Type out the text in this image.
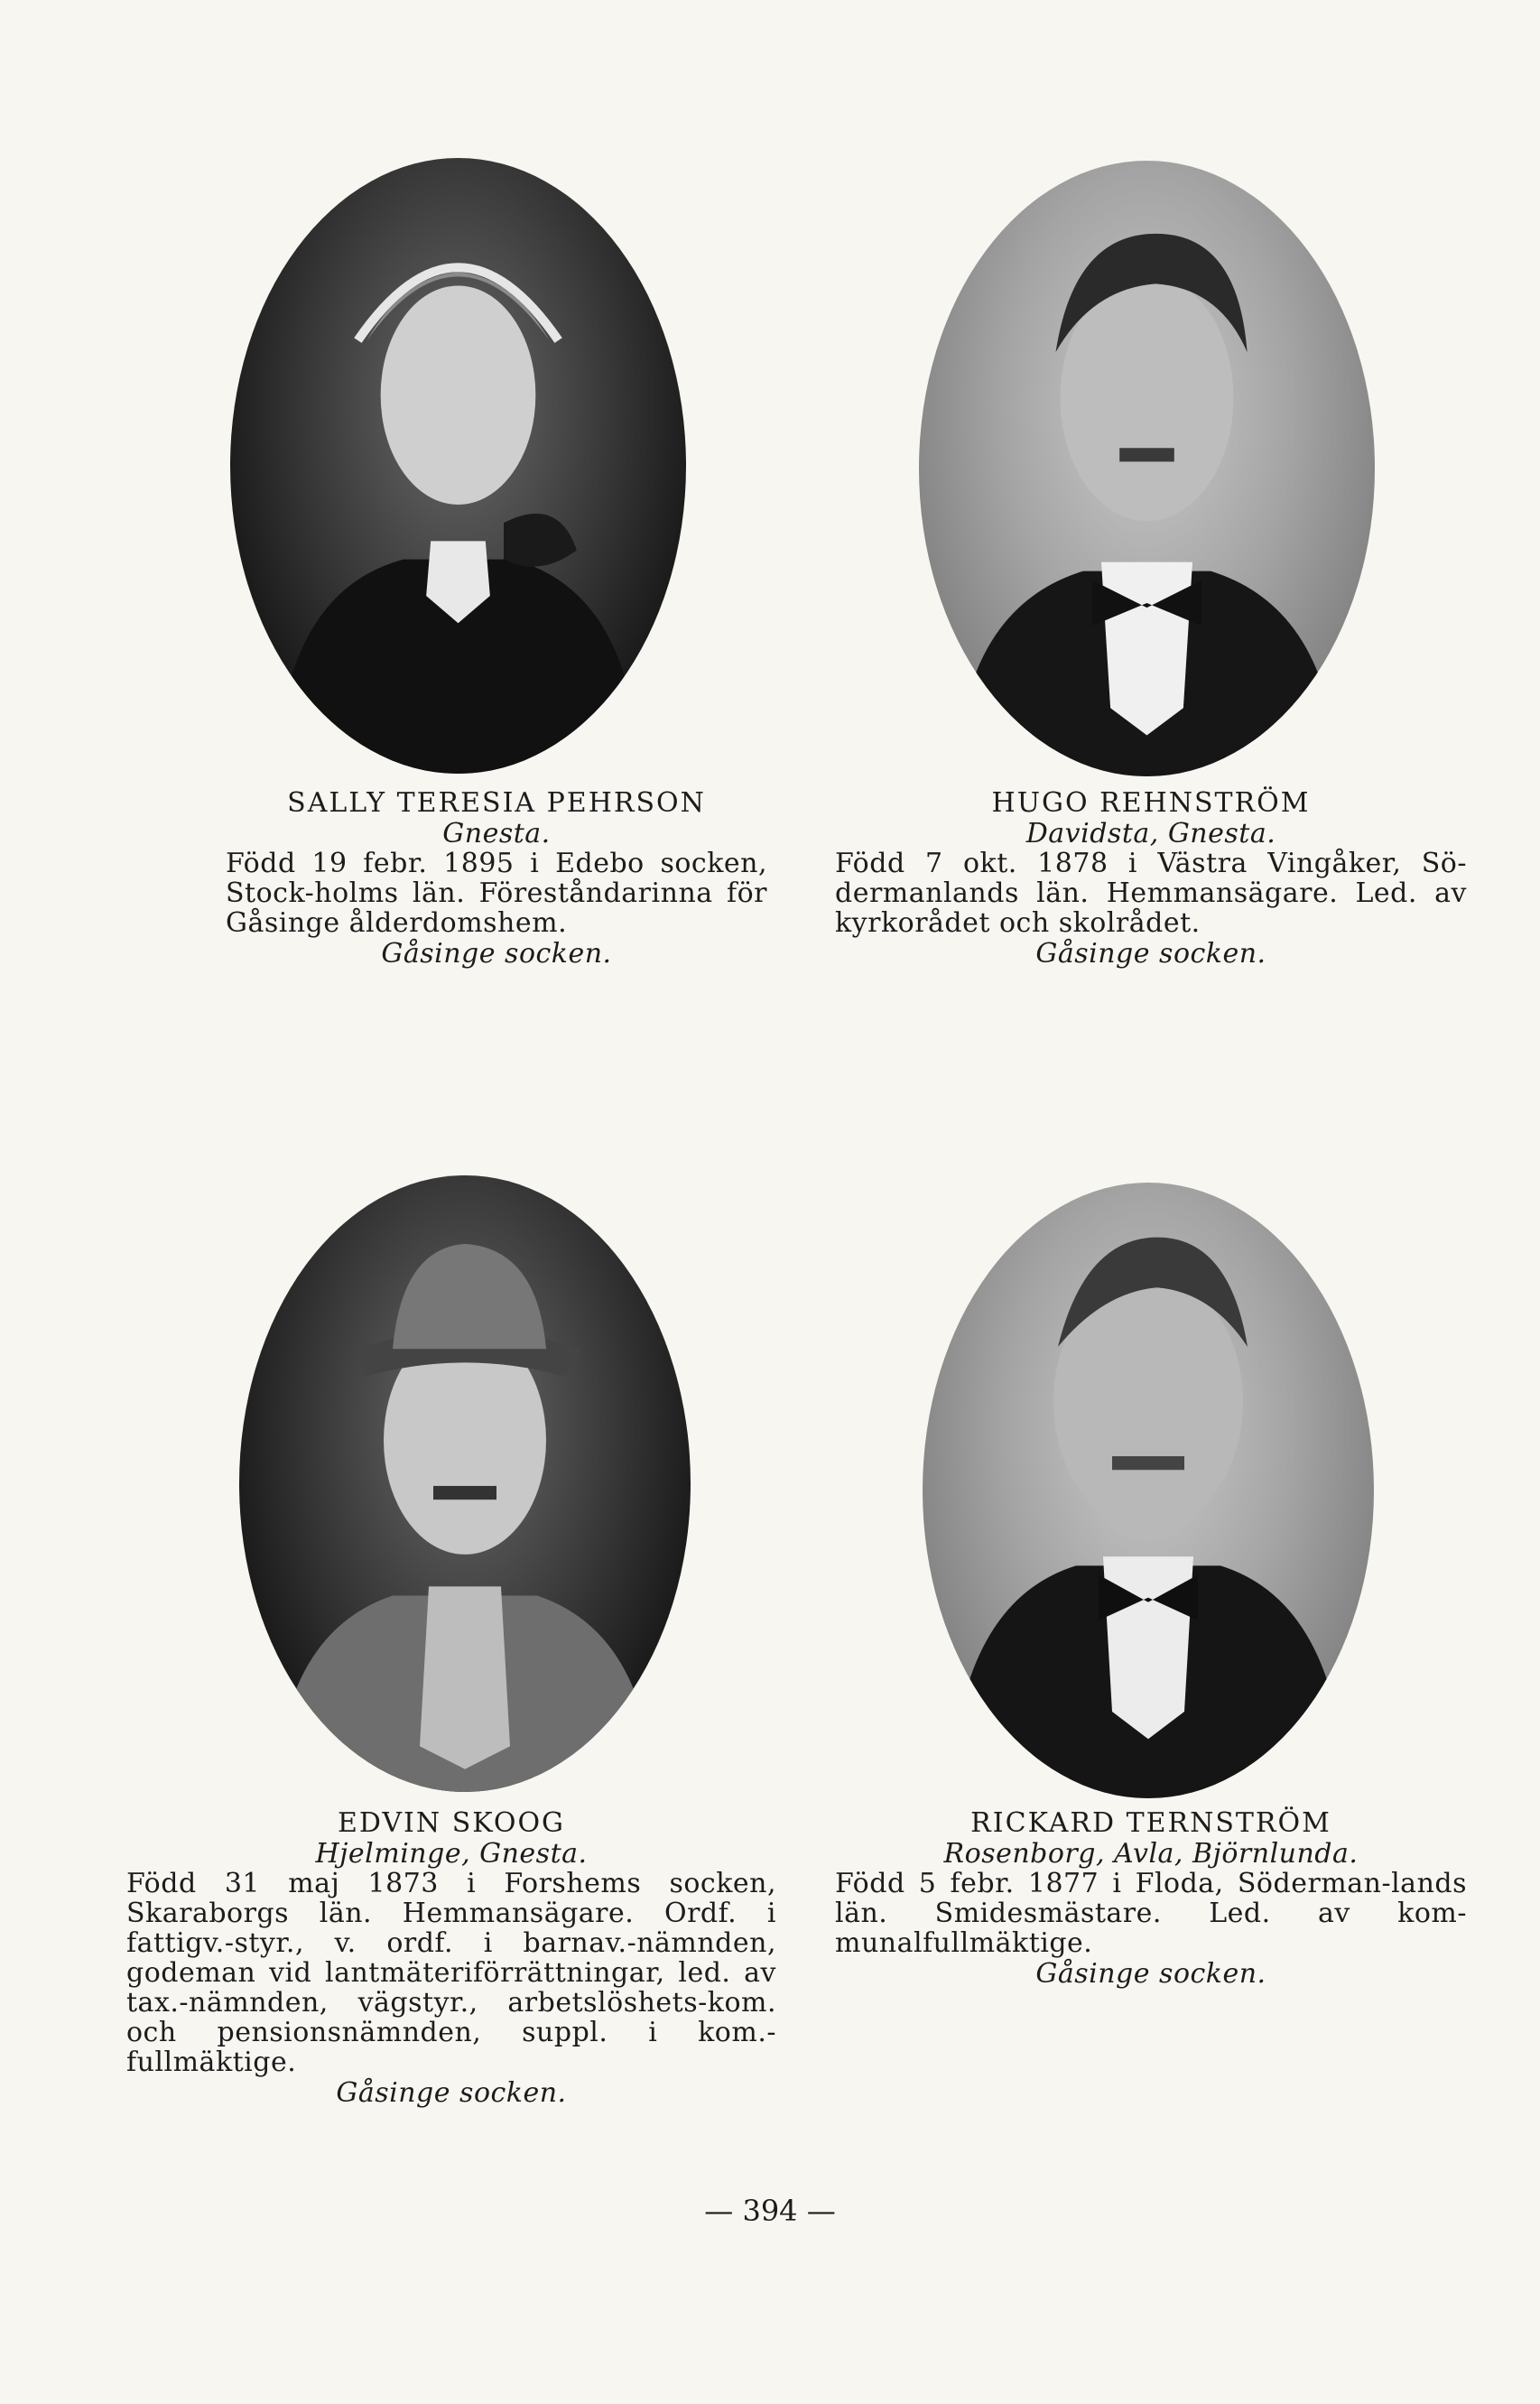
SALLY TERESIA PEHRSON
Gnesta.
Född 19 febr. 1895 i Edebo socken, Stock-holms län. Föreståndarinna för Gåsinge ålderdomshem.
Gåsinge socken.
HUGO REHNSTRÖM
Davidsta, Gnesta.
Född 7 okt. 1878 i Västra Vingåker, Sö-dermanlands län. Hemmansägare. Led. av kyrkorådet och skolrådet.
Gåsinge socken.
EDVIN SKOOG
Hjelminge, Gnesta.
Född 31 maj 1873 i Forshems socken, Skaraborgs län. Hemmansägare. Ordf. i fattigv.-styr., v. ordf. i barnav.-nämnden, godeman vid lantmäteriförrättningar, led. av tax.-nämnden, vägstyr., arbetslöshets-kom. och pensionsnämnden, suppl. i kom.-fullmäktige.
Gåsinge socken.
RICKARD TERNSTRÖM
Rosenborg, Avla, Björnlunda.
Född 5 febr. 1877 i Floda, Söderman-lands län. Smidesmästare. Led. av kom-munalfullmäktige.
Gåsinge socken.
— 394 —
